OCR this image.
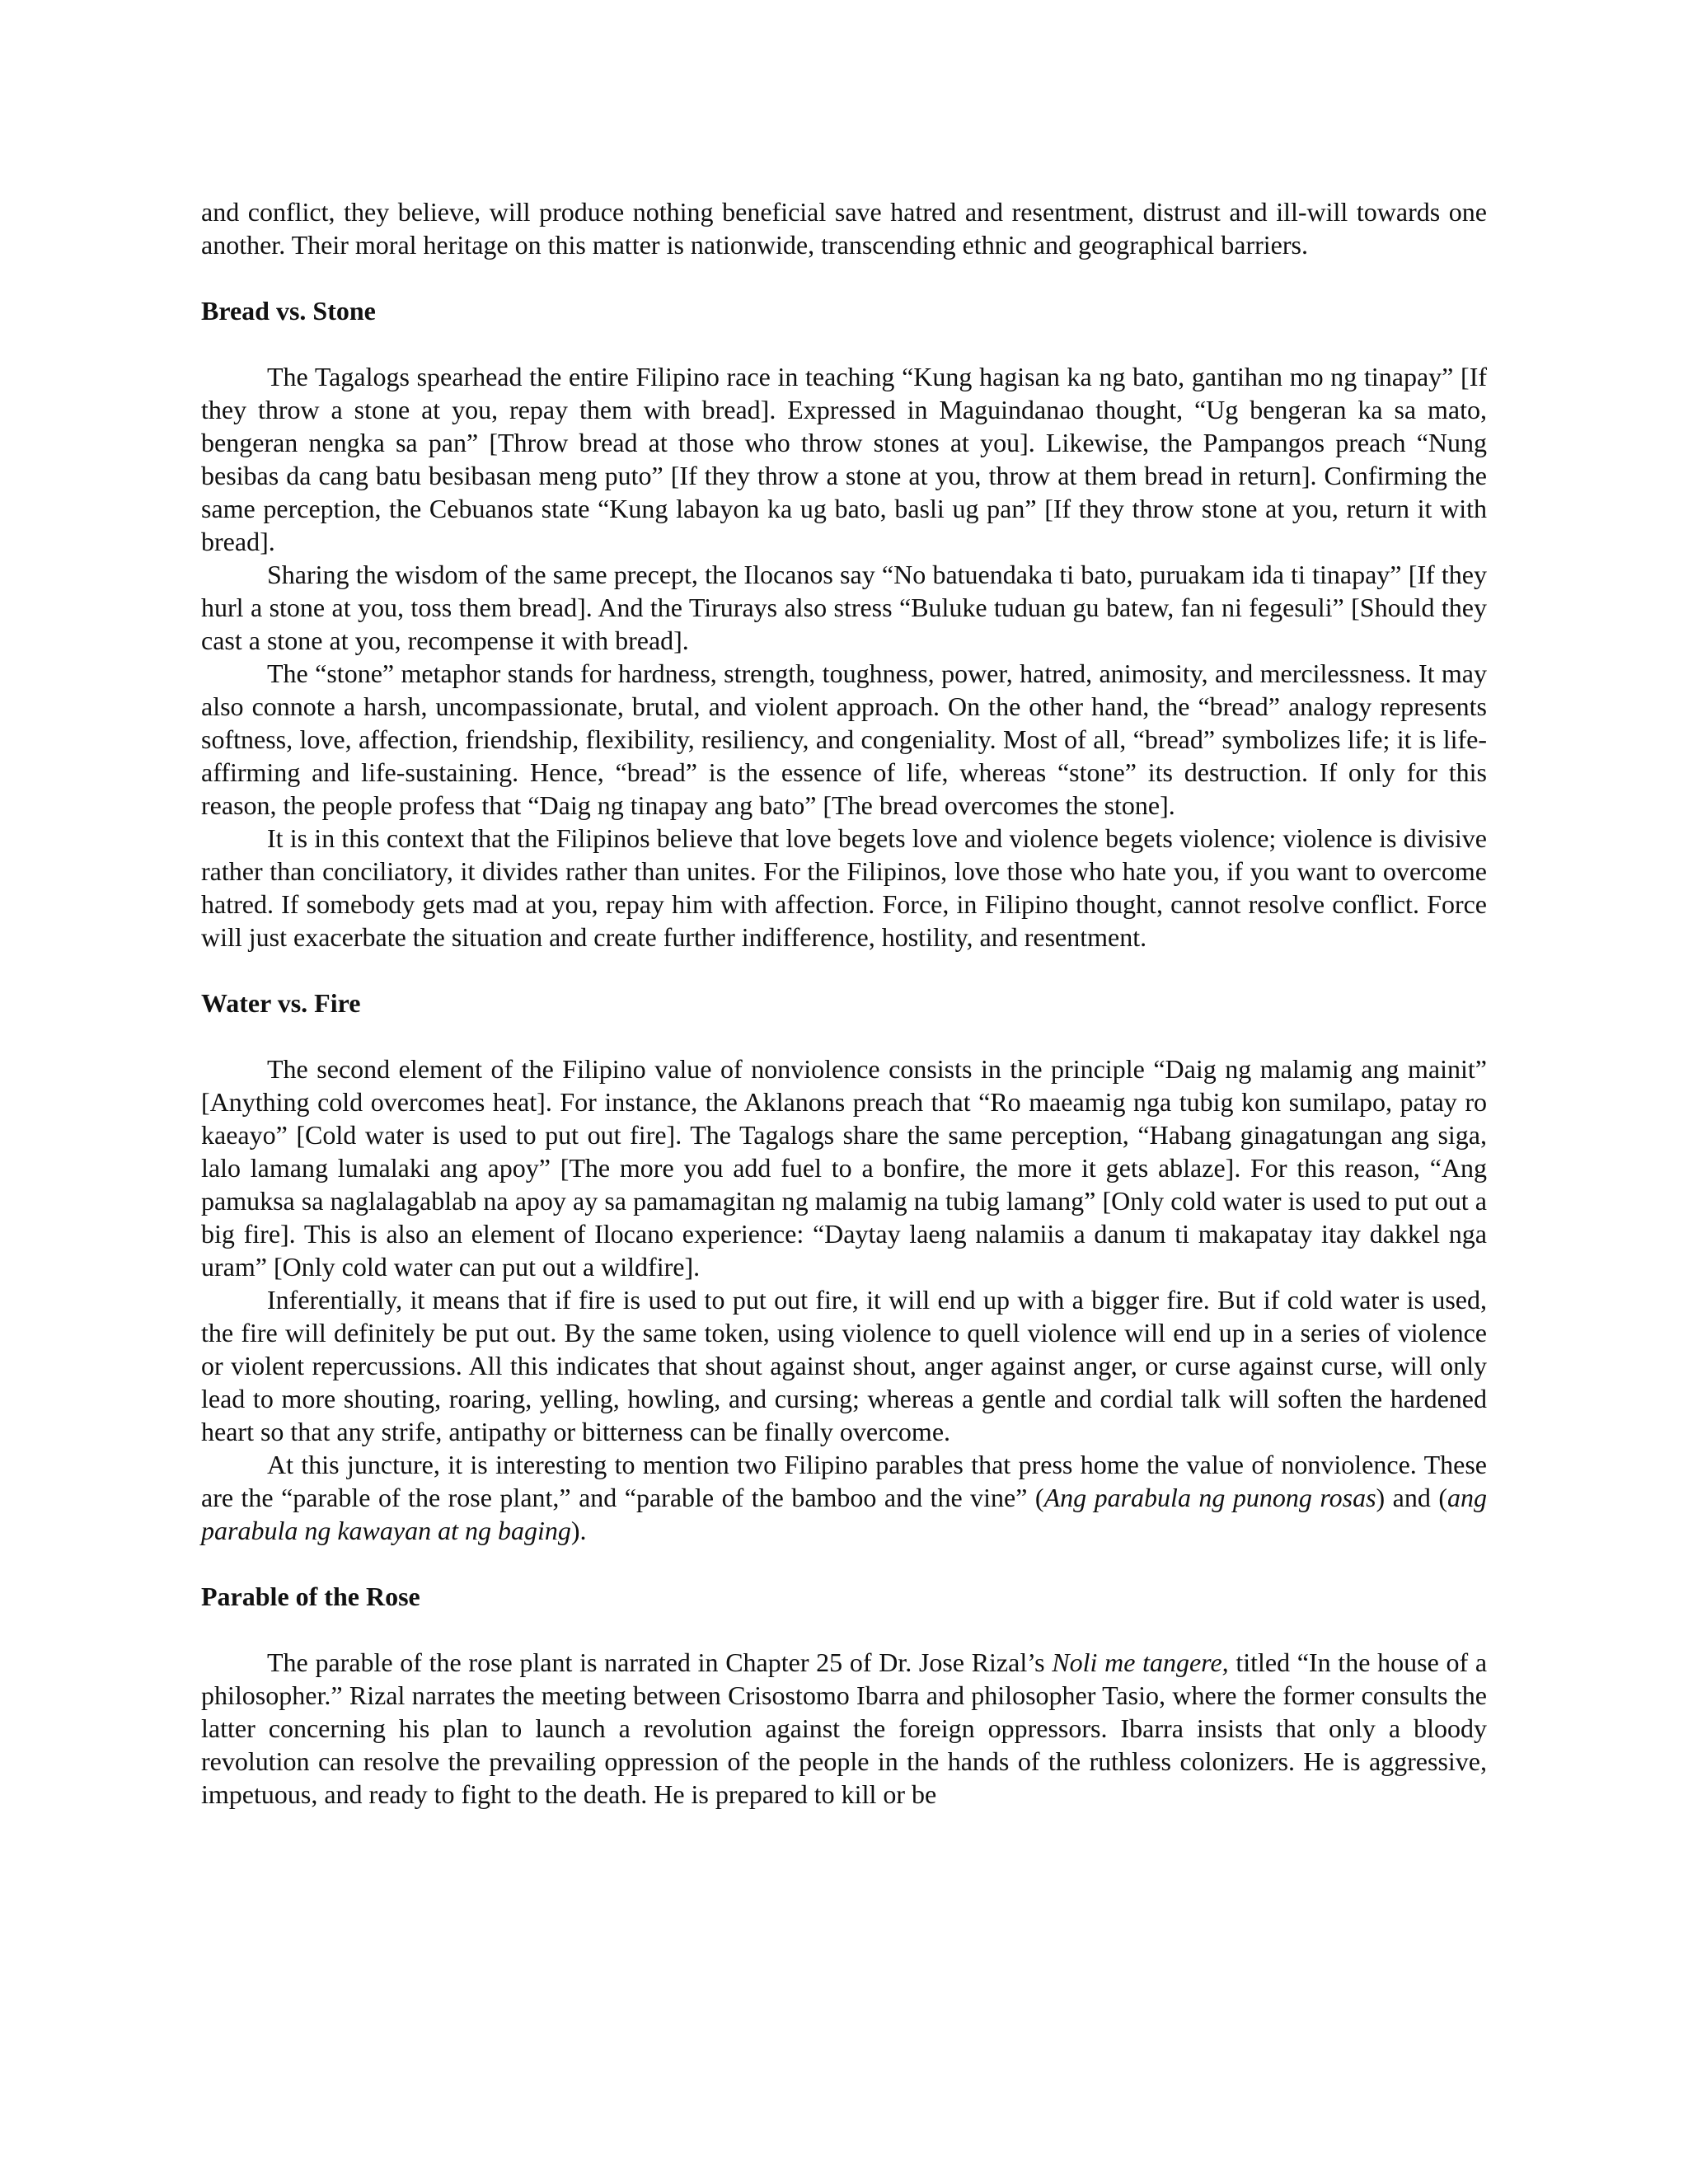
and conflict, they believe, will produce nothing beneficial save hatred and resentment, distrust and ill-will towards one another. Their moral heritage on this matter is nationwide, transcending ethnic and geographical barriers.

Bread vs. Stone

The Tagalogs spearhead the entire Filipino race in teaching “Kung hagisan ka ng bato, gantihan mo ng tinapay” [If they throw a stone at you, repay them with bread]. Expressed in Maguindanao thought, “Ug bengeran ka sa mato, bengeran nengka sa pan” [Throw bread at those who throw stones at you]. Likewise, the Pampangos preach “Nung besibas da cang batu besibasan meng puto” [If they throw a stone at you, throw at them bread in return]. Confirming the same perception, the Cebuanos state “Kung labayon ka ug bato, basli ug pan” [If they throw stone at you, return it with bread].

Sharing the wisdom of the same precept, the Ilocanos say “No batuendaka ti bato, puruakam ida ti tinapay” [If they hurl a stone at you, toss them bread]. And the Tirurays also stress “Buluke tuduan gu batew, fan ni fegesuli” [Should they cast a stone at you, recompense it with bread].

The “stone” metaphor stands for hardness, strength, toughness, power, hatred, animosity, and mercilessness. It may also connote a harsh, uncompassionate, brutal, and violent approach. On the other hand, the “bread” analogy represents softness, love, affection, friendship, flexibility, resiliency, and congeniality. Most of all, “bread” symbolizes life; it is life-affirming and life-sustaining. Hence, “bread” is the essence of life, whereas “stone” its destruction. If only for this reason, the people profess that “Daig ng tinapay ang bato” [The bread overcomes the stone].

It is in this context that the Filipinos believe that love begets love and violence begets violence; violence is divisive rather than conciliatory, it divides rather than unites. For the Filipinos, love those who hate you, if you want to overcome hatred. If somebody gets mad at you, repay him with affection. Force, in Filipino thought, cannot resolve conflict. Force will just exacerbate the situation and create further indifference, hostility, and resentment.

Water vs. Fire

The second element of the Filipino value of nonviolence consists in the principle “Daig ng malamig ang mainit” [Anything cold overcomes heat]. For instance, the Aklanons preach that “Ro maeamig nga tubig kon sumilapo, patay ro kaeayo” [Cold water is used to put out fire]. The Tagalogs share the same perception, “Habang ginagatungan ang siga, lalo lamang lumalaki ang apoy” [The more you add fuel to a bonfire, the more it gets ablaze]. For this reason, “Ang pamuksa sa naglalagablab na apoy ay sa pamamagitan ng malamig na tubig lamang” [Only cold water is used to put out a big fire]. This is also an element of Ilocano experience: “Daytay laeng nalamiis a danum ti makapatay itay dakkel nga uram” [Only cold water can put out a wildfire].

Inferentially, it means that if fire is used to put out fire, it will end up with a bigger fire. But if cold water is used, the fire will definitely be put out. By the same token, using violence to quell violence will end up in a series of violence or violent repercussions. All this indicates that shout against shout, anger against anger, or curse against curse, will only lead to more shouting, roaring, yelling, howling, and cursing; whereas a gentle and cordial talk will soften the hardened heart so that any strife, antipathy or bitterness can be finally overcome.

At this juncture, it is interesting to mention two Filipino parables that press home the value of nonviolence. These are the “parable of the rose plant,” and “parable of the bamboo and the vine” (Ang parabula ng punong rosas) and (ang parabula ng kawayan at ng baging).

Parable of the Rose

The parable of the rose plant is narrated in Chapter 25 of Dr. Jose Rizal’s Noli me tangere, titled “In the house of a philosopher.” Rizal narrates the meeting between Crisostomo Ibarra and philosopher Tasio, where the former consults the latter concerning his plan to launch a revolution against the foreign oppressors. Ibarra insists that only a bloody revolution can resolve the prevailing oppression of the people in the hands of the ruthless colonizers. He is aggressive, impetuous, and ready to fight to the death. He is prepared to kill or be
